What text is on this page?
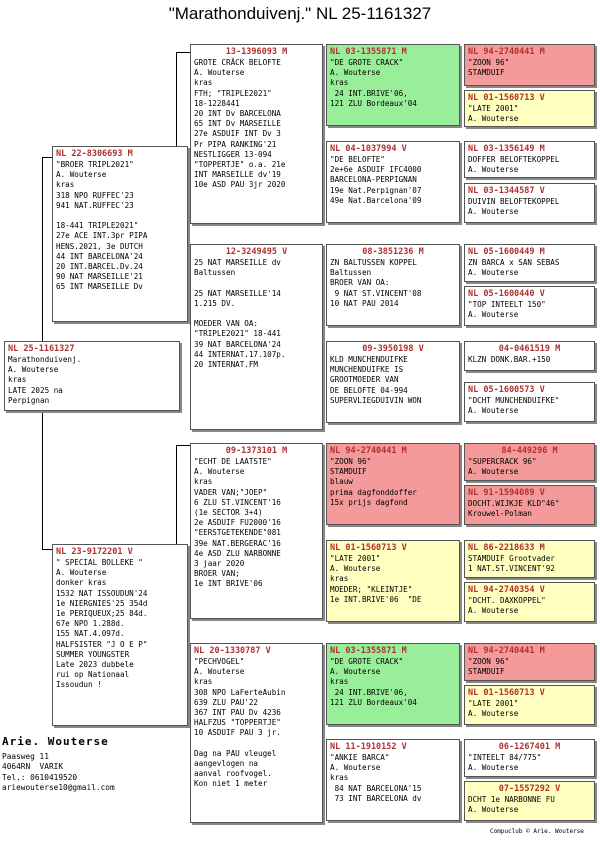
"Marathonduivenj." NL 25-1161327
NL 25-1161327
Marathonduivenj.
A. Wouterse
kras
LATE 2025 na
Perpignan
NL 22-8306693 M
"BROER TRIPL2021"
A. Wouterse
kras
318 NPO RUFFEC'23
941 NAT.RUFFEC'23

18-441 TRIPLE2021"
27e ACE INT.3pr PIPA
HENS.2021, 3e DUTCH
44 INT BARCELONA'24
20 INT.BARCEL.Dv.24
90 NAT MARSEILLE'21
65 INT MARSEILLE Dv
NL 23-9172201 V
" SPECIAL BOLLEKE "
A. Wouterse
donker kras
1532 NAT ISSOUDUN'24
1e NIERGNIES'25 354d
1e PERIQUEUX;25 84d.
67e NPO 1.288d.
155 NAT.4.097d.
HALFSISTER "J O E P"
SUMMER YOUNGSTER
Late 2023 dubbele
rui op Nationaal
Issoudun !
13-1396093 M
GROTE CRÄCK BELOFTE
A. Wouterse
kras
FTH; "TRIPLE2021"
18-1228441
20 INT Dv BARCELONA
65 INT Dv MARSEILLE
27e ASDUIF INT Dv 3
Pr PIPA RANKING'21
NESTLIGGER 13-094
"TOPPERTJE" o.a. 21e
INT MARSEILLE dv'19
10e ASD PAU 3jr 2020
12-3249495 V
25 NAT MARSEILLE dv
Baltussen

25 NAT MARSEILLE'14
1.215 DV.

MOEDER VAN OA:
"TRIPLE2021" 18-441
39 NAT BARCELONA'24
44 INTERNAT.17.107p.
20 INTERNAT.FM
09-1373101 M
"ECHT DE LAATSTE"
A. Wouterse
kras
VADER VAN;"JOEP"
6 ZLU ST.VINCENT'16
(1e SECTOR 3+4)
2e ASDUIF FU2000'16
"EERSTGETEKENDE"081
39e NAT.BERGERAC'16
4e ASD ZLU NARBONNE
3 jaar 2020
BROER VAN;
1e INT BRIVE'06
NL 20-1330787 V
"PECHVOGEL"
A. Wouterse
kras
308 NPO LaFerteAubin
639 ZLU PAU'22
367 INT PAU Dv 4236
HALFZUS "TOPPERTJE"
10 ASDUIF PAU 3 jr.

Dag na PAU vleugel
aangevlogen na
aanval roofvogel.
Kon niet 1 meter
NL 03-1355871 M
"DE GROTE CRACK"
A. Wouterse
kras
24 INT.BRIVE'06,
121 ZLU Bordeaux'04
NL 04-1037994 V
"DE BELOFTE"
2e+6e ASDUIF IFC4000
BARCELONA-PERPIGNAN
19e Nat.Perpignan'07
49e Nat.Barcelona'09
08-3851236 M
ZN BALTUSSEN KOPPEL
Baltussen
BROER VAN OA:
9 NAT ST.VINCENT'08
10 NAT PAU 2014
09-3950198 V
KLD MUNCHENDUIFKE
MUNCHENDUIFKE IS
GROOTMOEDER VAN
DE BELOFTE 04-994
SUPERVLIEGDUIVIN WON
NL 94-2740441 M
"ZOON 96"
STAMDUIF
blauw
prima dagfonddoffer
15x prijs dagfond
NL 01-1560713 V
"LATE 2001"
A. Wouterse
kras
MOEDER; "KLEINTJE"
1e INT.BRIVE'06  "DE
NL 03-1355871 M
"DE GROTE CRACK"
A. Wouterse
kras
24 INT.BRIVE'06,
121 ZLU Bordeaux'04
NL 11-1910152 V
"ANKIE BARCA"
A. Wouterse
kras
84 NAT BARCELONA'15
73 INT BARCELONA dv
NL 94-2740441 M
"ZOON 96"
STAMDUIF
NL 01-1560713 V
"LATE 2001"
A. Wouterse
NL 03-1356149 M
DOFFER BELOFTEKOPPEL
A. Wouterse
NL 03-1344587 V
DUIVIN BELOFTEKOPPEL
A. Wouterse
NL 05-1600449 M
ZN BARCA x SAN SEBAS
A. Wouterse
NL 05-1600440 V
"TOP INTEELT 150"
A. Wouterse
04-0461519 M
KLZN DONK.BAR.+150
NL 05-1600573 V
"DCHT MUNCHENDUIFKE"
A. Wouterse
84-449296 M
"SUPERCRACK 96"
A. Wouterse
NL 91-1594089 V
DOCHT.WIJKJE KLD"46"
Krouwel-Polman
NL 86-2218633 M
STAMDUIF Grootvader
1 NAT.ST.VINCENT'92
NL 94-2740354 V
"DCHT. DAXKOPPEL"
A. Wouterse
NL 94-2740441 M
"ZOON 96"
STAMDUIF
NL 01-1560713 V
"LATE 2001"
A. Wouterse
06-1267401 M
"INTEELT 84/775"
A. Wouterse
07-1557292 V
DCHT 1e NARBONNE FU
A. Wouterse
Arie. Wouterse
Paasweg 11
4064RN  VARIK
Tel.: 0610419520
ariewouterse10@gmail.com
Compuclub © Arie. Wouterse
